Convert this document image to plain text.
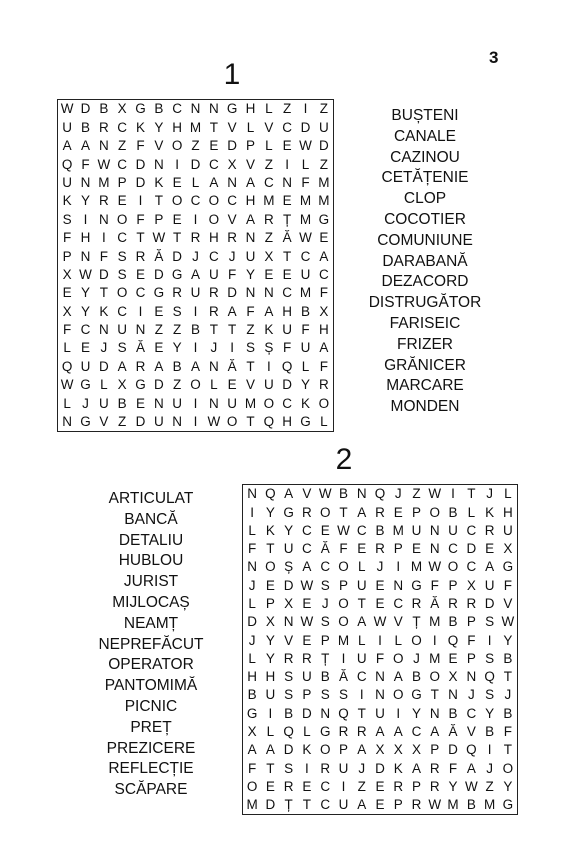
3
1
W D B X G B C N N G H L Z I Z
U B R C K Y H M T V L V C D U
A A N Z F V O Z E D P L E W D
Q F W C D N I D C X V Z I L Z
U N M P D K E L A N A C N F M
K Y R E I T O C O C H M E M M
S I N O F P E I O V A R Ț M G
F H I C T W T R H R N Z Ă W E
P N F S R Ă D J C J U X T C A
X W D S E D G A U F Y E E U C
E Y T O C G R U R D N N C M F
X Y K C I E S I R A F A H B X
F C N U N Z Z B T T Z K U F H
L E J S Ă E Y I J I S Ș F U A
Q U D A R A B A N Ă T I Q L F
W G L X G D Z O L E V U D Y R
L J U B E N U I N U M O C K O
N G V Z D U N I W O T Q H G L
BUȘTENI
CANALE
CAZINOU
CETĂȚENIE
CLOP
COCOTIER
COMUNIUNE
DARABANĂ
DEZACORD
DISTRUGĂTOR
FARISEIC
FRIZER
GRĂNICER
MARCARE
MONDEN
2
N Q A V W B N Q J Z W I T J L
I Y G R O T A R E P O B L K H
L K Y C E W C B M U N U C R U
F T U C Ă F E R P E N C D E X
N O Ș A C O L J I M W O C A G
J E D W S P U E N G F P X U F
L P X E J O T E C R Ă R R D V
D X N W S O A W V Ț M B P S W
J Y V E P M L I L O I Q F I Y
L Y R R Ț I U F O J M E P S B
H H S U B Ă C N A B O X N Q T
B U S P S S I N O G T N J S J
G I B D N Q T U I Y N B C Y B
X L Q L G R R A A C A Ă V B F
A A D K O P A X X X P D Q I T
F T S I R U J D K A R F A J O
O E R E C I Z E R P R Y W Z Y
M D Ț T C U A E P R W M B M G
ARTICULAT
BANCĂ
DETALIU
HUBLOU
JURIST
MIJLOCAȘ
NEAMȚ
NEPREFĂCUT
OPERATOR
PANTOMIMĂ
PICNIC
PREȚ
PREZICERE
REFLECȚIE
SCĂPARE
